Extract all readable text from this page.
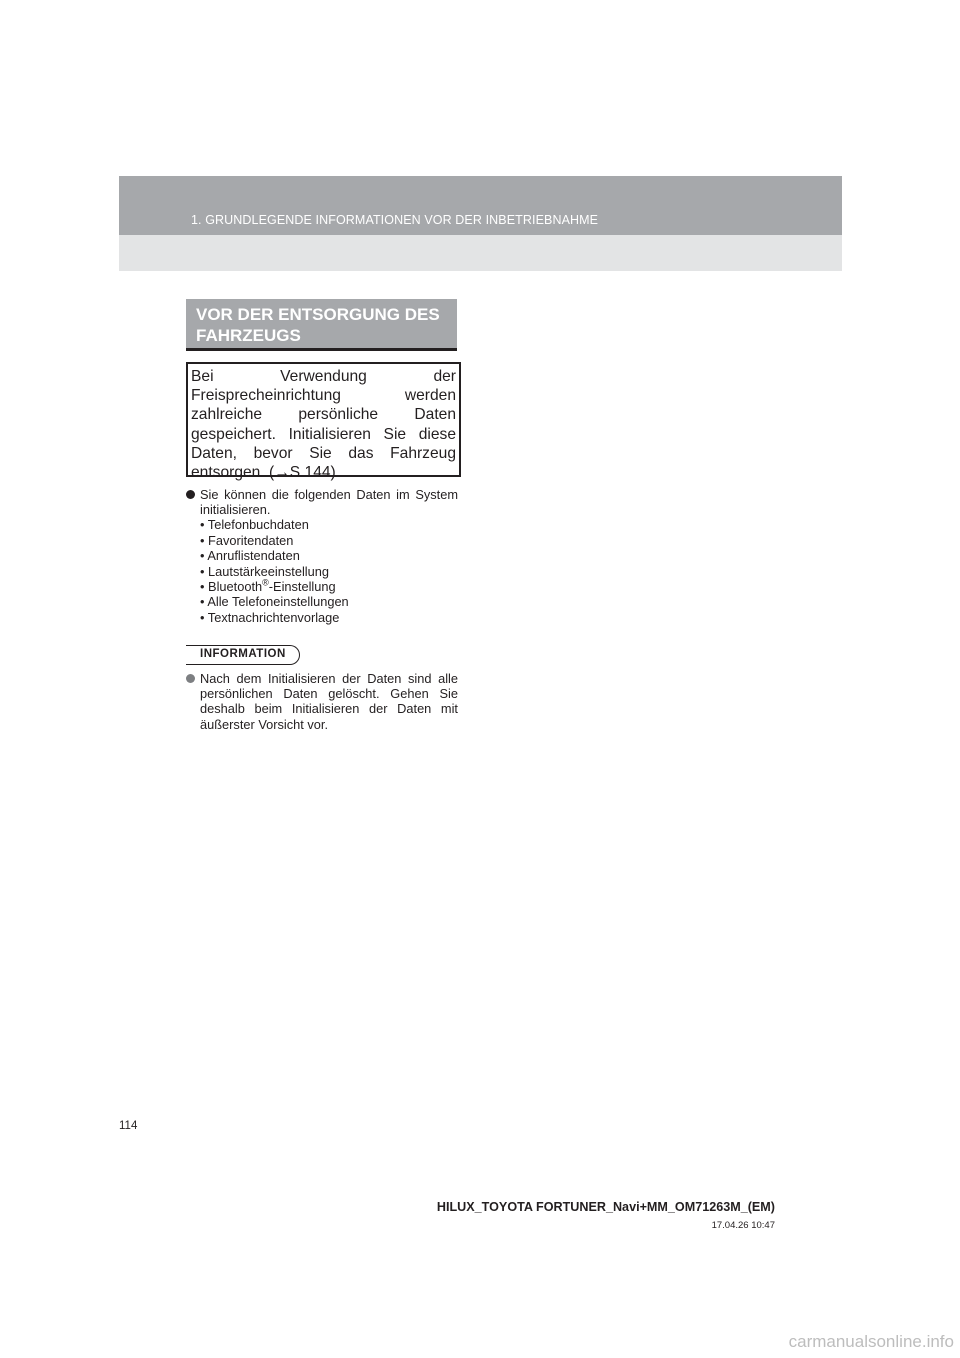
1. GRUNDLEGENDE INFORMATIONEN VOR DER INBETRIEBNAHME
VOR DER ENTSORGUNG DES FAHRZEUGS

Bei Verwendung der Freisprecheinrichtung werden zahlreiche persönliche Daten gespeichert. Initialisieren Sie diese Daten, bevor Sie das Fahrzeug entsorgen. (→S.144)

Sie können die folgenden Daten im System initialisieren.
• Telefonbuchdaten
• Favoritendaten
• Anruflistendaten
• Lautstärkeeinstellung
• Bluetooth®-Einstellung
• Alle Telefoneinstellungen
• Textnachrichtenvorlage
INFORMATION
Nach dem Initialisieren der Daten sind alle persönlichen Daten gelöscht. Gehen Sie deshalb beim Initialisieren der Daten mit äußerster Vorsicht vor.
114
HILUX_TOYOTA FORTUNER_Navi+MM_OM71263M_(EM)
17.04.26 10:47
carmanualsonline.info
